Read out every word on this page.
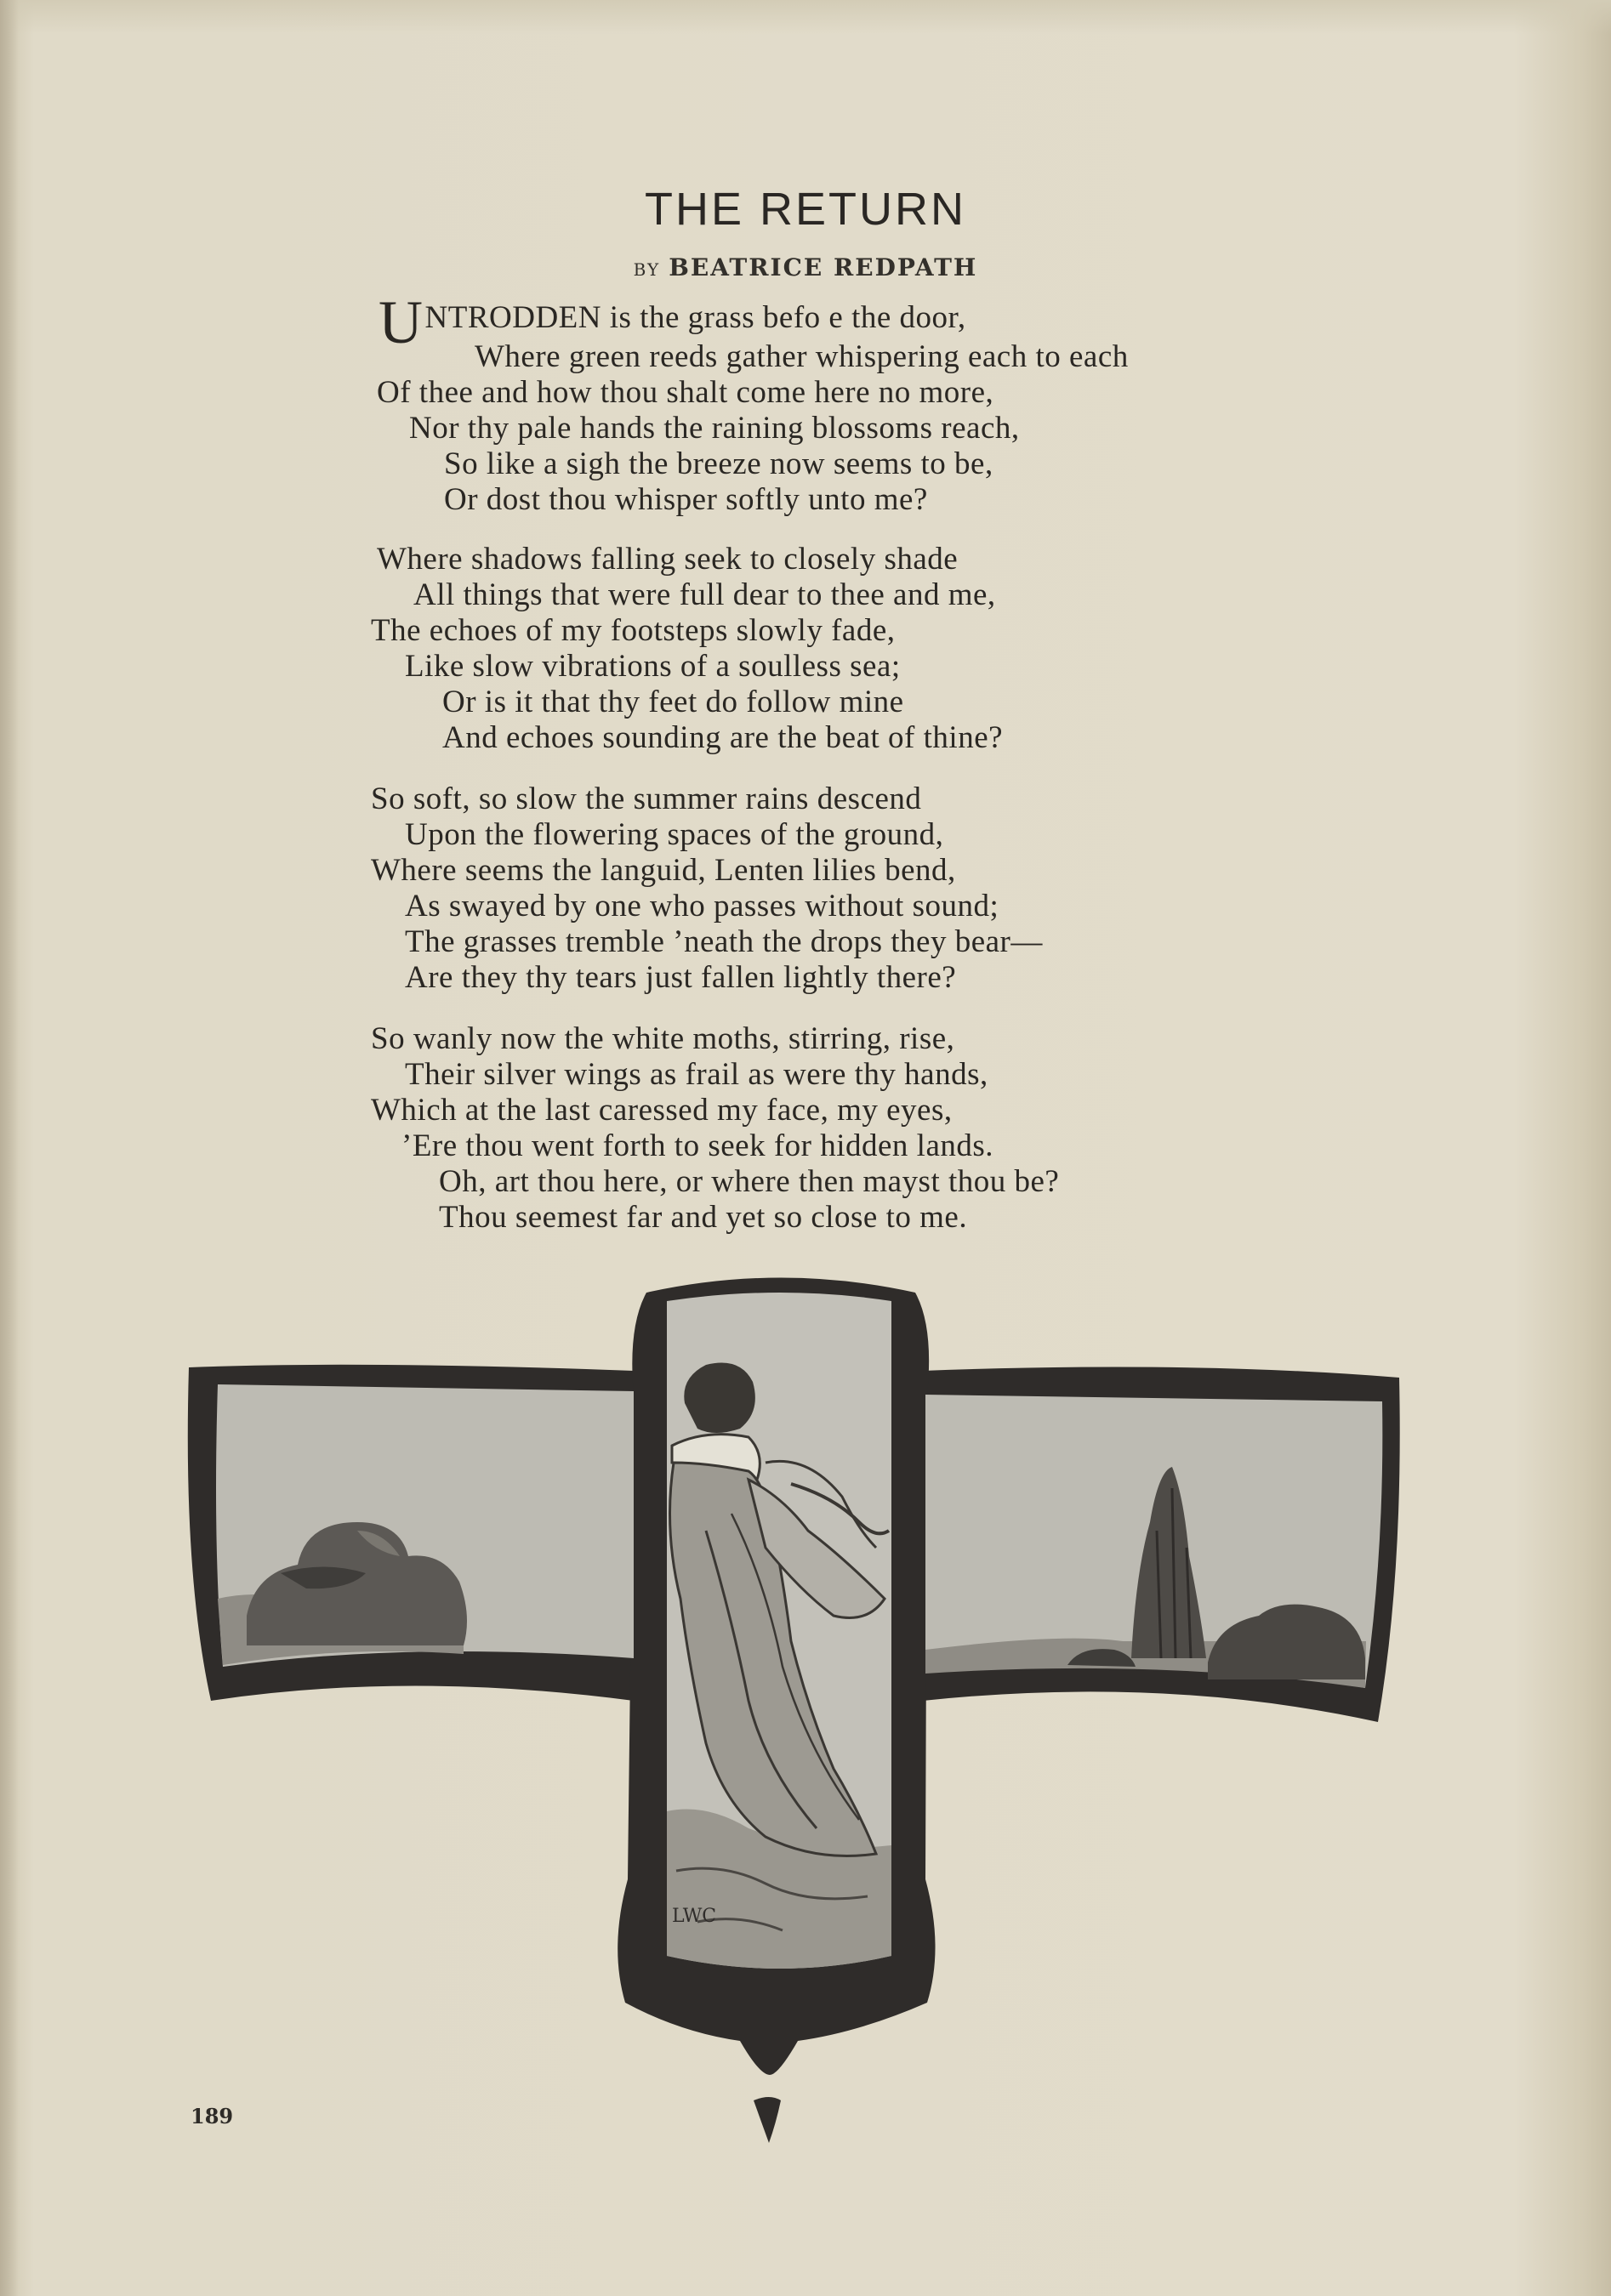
THE RETURN
BY BEATRICE REDPATH
UNTRODDEN is the grass befo e the door,
Where green reeds gather whispering each to each
Of thee and how thou shalt come here no more,
Nor thy pale hands the raining blossoms reach,
So like a sigh the breeze now seems to be,
Or dost thou whisper softly unto me?
Where shadows falling seek to closely shade
All things that were full dear to thee and me,
The echoes of my footsteps slowly fade,
Like slow vibrations of a soulless sea;
Or is it that thy feet do follow mine
And echoes sounding are the beat of thine?
So soft, so slow the summer rains descend
Upon the flowering spaces of the ground,
Where seems the languid, Lenten lilies bend,
As swayed by one who passes without sound;
The grasses tremble ’neath the drops they bear—
Are they thy tears just fallen lightly there?
So wanly now the white moths, stirring, rise,
Their silver wings as frail as were thy hands,
Which at the last caressed my face, my eyes,
’Ere thou went forth to seek for hidden lands.
Oh, art thou here, or where then mayst thou be?
Thou seemest far and yet so close to me.
LWC
189
